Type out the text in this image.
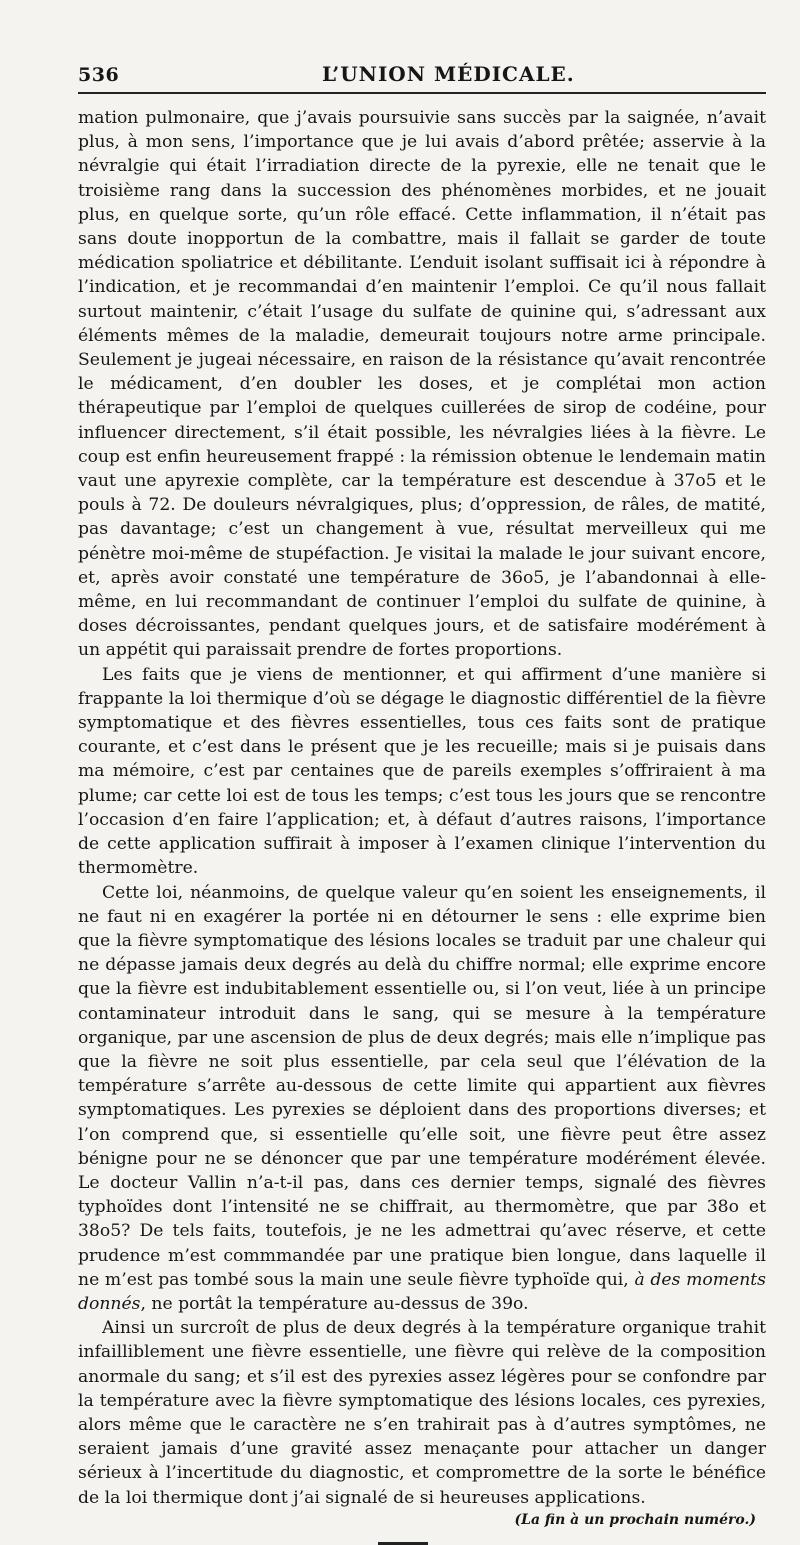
536	L’UNION MÉDICALE.

mation pulmonaire, que j’avais poursuivie sans succès par la saignée, n’avait plus, à mon sens, l’importance que je lui avais d’abord prêtée; asservie à la névralgie qui était l’irradiation directe de la pyrexie, elle ne tenait que le troisième rang dans la succession des phénomènes morbides, et ne jouait plus, en quelque sorte, qu’un rôle effacé. Cette inflammation, il n’était pas sans doute inopportun de la combattre, mais il fallait se garder de toute médication spoliatrice et débilitante. L’enduit isolant suffisait ici à répondre à l’indication, et je recommandai d’en maintenir l’emploi. Ce qu’il nous fallait surtout maintenir, c’était l’usage du sulfate de quinine qui, s’adressant aux éléments mêmes de la maladie, demeurait toujours notre arme principale. Seulement je jugeai nécessaire, en raison de la résistance qu’avait rencontrée le médicament, d’en doubler les doses, et je complétai mon action thérapeutique par l’emploi de quelques cuillerées de sirop de codéine, pour influencer directement, s’il était possible, les névralgies liées à la fièvre. Le coup est enfin heureusement frappé : la rémission obtenue le lendemain matin vaut une apyrexie complète, car la température est descendue à 37o5 et le pouls à 72. De douleurs névralgiques, plus; d’oppression, de râles, de matité, pas davantage; c’est un changement à vue, résultat merveilleux qui me pénètre moi-même de stupéfaction. Je visitai la malade le jour suivant encore, et, après avoir constaté une température de 36o5, je l’abandonnai à elle-même, en lui recommandant de continuer l’emploi du sulfate de quinine, à doses décroissantes, pendant quelques jours, et de satisfaire modérément à un appétit qui paraissait prendre de fortes proportions.

Les faits que je viens de mentionner, et qui affirment d’une manière si frappante la loi thermique d’où se dégage le diagnostic différentiel de la fièvre symptomatique et des fièvres essentielles, tous ces faits sont de pratique courante, et c’est dans le présent que je les recueille; mais si je puisais dans ma mémoire, c’est par centaines que de pareils exemples s’offriraient à ma plume; car cette loi est de tous les temps; c’est tous les jours que se rencontre l’occasion d’en faire l’application; et, à défaut d’autres raisons, l’importance de cette application suffirait à imposer à l’examen clinique l’intervention du thermomètre.

Cette loi, néanmoins, de quelque valeur qu’en soient les enseignements, il ne faut ni en exagérer la portée ni en détourner le sens : elle exprime bien que la fièvre symptomatique des lésions locales se traduit par une chaleur qui ne dépasse jamais deux degrés au delà du chiffre normal; elle exprime encore que la fièvre est indubitablement essentielle ou, si l’on veut, liée à un principe contaminateur introduit dans le sang, qui se mesure à la température organique, par une ascension de plus de deux degrés; mais elle n’implique pas que la fièvre ne soit plus essentielle, par cela seul que l’élévation de la température s’arrête au-dessous de cette limite qui appartient aux fièvres symptomatiques. Les pyrexies se déploient dans des proportions diverses; et l’on comprend que, si essentielle qu’elle soit, une fièvre peut être assez bénigne pour ne se dénoncer que par une température modérément élevée. Le docteur Vallin n’a-t-il pas, dans ces dernier temps, signalé des fièvres typhoïdes dont l’intensité ne se chiffrait, au thermomètre, que par 38o et 38o5? De tels faits, toutefois, je ne les admettrai qu’avec réserve, et cette prudence m’est commmandée par une pratique bien longue, dans laquelle il ne m’est pas tombé sous la main une seule fièvre typhoïde qui, à des moments donnés, ne portât la température au-dessus de 39o.

Ainsi un surcroît de plus de deux degrés à la température organique trahit infailliblement une fièvre essentielle, une fièvre qui relève de la composition anormale du sang; et s’il est des pyrexies assez légères pour se confondre par la température avec la fièvre symptomatique des lésions locales, ces pyrexies, alors même que le caractère ne s’en trahirait pas à d’autres symptômes, ne seraient jamais d’une gravité assez menaçante pour attacher un danger sérieux à l’incertitude du diagnostic, et compromettre de la sorte le bénéfice de la loi thermique dont j’ai signalé de si heureuses applications.

(La fin à un prochain numéro.)
